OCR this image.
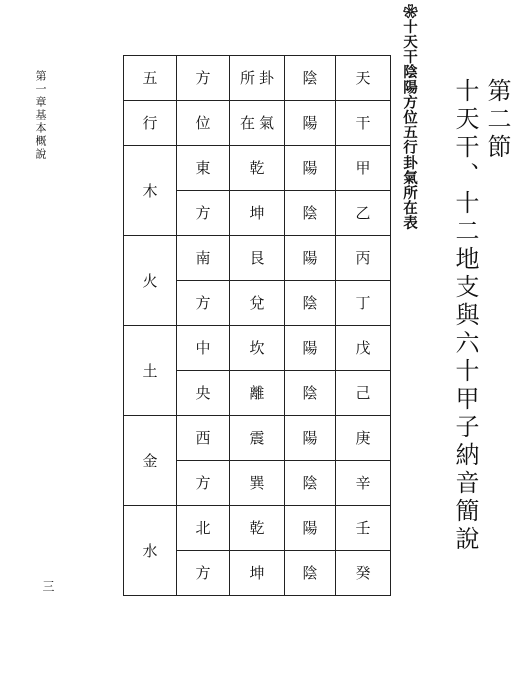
第二節
十天干、十二地支與六十甲子納音簡說
❀十天干陰陽方位五行卦氣所在表
第一章基本概說
三
五	方	所 卦	陰	天
行	位	在 氣	陽	干
木	東	乾	陽	甲
	方	坤	陰	乙
火	南	艮	陽	丙
	方	兌	陰	丁
土	中	坎	陽	戊
	央	離	陰	己
金	西	震	陽	庚
	方	巽	陰	辛
水	北	乾	陽	壬
	方	坤	陰	癸
